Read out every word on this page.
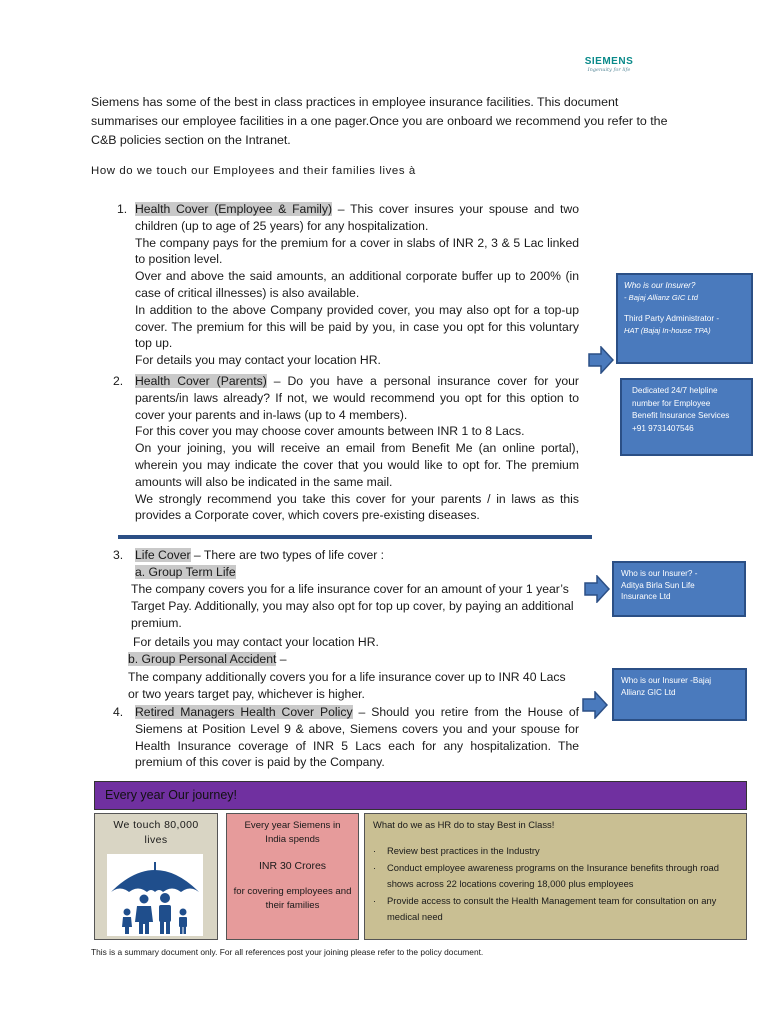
SIEMENS
Ingenuity for life
Siemens has some of the best in class practices in employee insurance facilities. This document summarises our employee facilities in a one pager.Once you are onboard we recommend you refer to the C&B policies section on the Intranet.
How do we touch our Employees and their families lives à
1. Health Cover (Employee & Family) – This cover insures your spouse and two children (up to age of 25 years) for any hospitalization.
The company pays for the premium for a cover in slabs of INR 2, 3 & 5 Lac linked to position level.
Over and above the said amounts, an additional corporate buffer up to 200% (in case of critical illnesses) is also available.
In addition to the above Company provided cover, you may also opt for a top-up cover. The premium for this will be paid by you, in case you opt for this voluntary top up.
For details you may contact your location HR.
2. Health Cover (Parents) – Do you have a personal insurance cover for your parents/in laws already? If not, we would recommend you opt for this option to cover your parents and in-laws (up to 4 members).
For this cover you may choose cover amounts between INR 1 to 8 Lacs.
On your joining, you will receive an email from Benefit Me (an online portal), wherein you may indicate the cover that you would like to opt for. The premium amounts will also be indicated in the same mail.
We strongly recommend you take this cover for your parents / in laws as this provides a Corporate cover, which covers pre-existing diseases.
3. Life Cover – There are two types of life cover :
a. Group Term Life
The company covers you for a life insurance cover for an amount of your 1 year’s Target Pay. Additionally, you may also opt for top up cover, by paying an additional premium.
For details you may contact your location HR.
b. Group Personal Accident –
The company additionally covers you for a life insurance cover up to INR 40 Lacs or two years target pay, whichever is higher.
4. Retired Managers Health Cover Policy – Should you retire from the House of Siemens at Position Level 9 & above, Siemens covers you and your spouse for Health Insurance coverage of INR 5 Lacs each for any hospitalization. The premium of this cover is paid by the Company.
Who is our Insurer?
- Bajaj Allianz GIC Ltd
Third Party Administrator -
HAT (Bajaj In-house TPA)
Dedicated 24/7 helpline
number for Employee
Benefit Insurance Services
+91 9731407546
Who is our Insurer? -
Aditya Birla Sun Life
Insurance Ltd
Who is our Insurer -Bajaj
Allianz GIC Ltd
Every year Our journey!
We touch 80,000 lives
Every year Siemens in India spends
INR 30 Crores
for covering employees and their families
What do we as HR do to stay Best in Class!
·	Review best practices in the Industry
·	Conduct employee awareness programs on the Insurance benefits through road shows across 22 locations covering 18,000 plus employees
·	Provide access to consult the Health Management team for consultation on any medical need
This is a summary document only. For all references post your joining please refer to the policy document.
